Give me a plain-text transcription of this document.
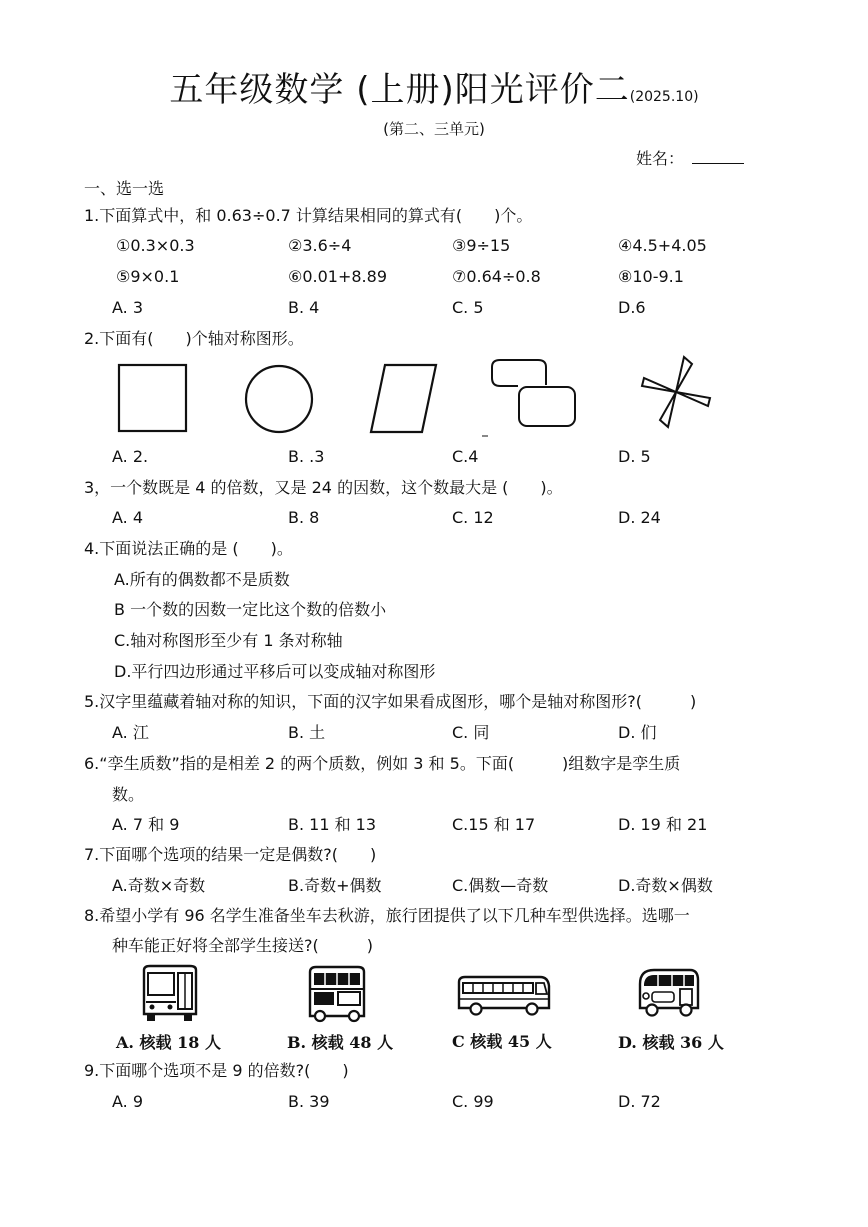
五年级数学 (上册)阳光评价二(2025.10)
(第二、三单元)
姓名：
一、选一选
1.下面算式中，和 0.63÷0.7 计算结果相同的算式有(　　)个。
①0.3×0.3	②3.6÷4	③9÷15	④4.5+4.05
⑤9×0.1	⑥0.01+8.89	⑦0.64÷0.8	⑧10-9.1
A. 3	B. 4	C. 5	D.6
2.下面有(　　)个轴对称图形。
A. 2.	B. .3	C.4	D. 5
3，一个数既是 4 的倍数，又是 24 的因数，这个数最大是 (　　)。
A. 4	B. 8	C. 12	D. 24
4.下面说法正确的是 (　　)。
A.所有的偶数都不是质数
B 一个数的因数一定比这个数的倍数小
C.轴对称图形至少有 1 条对称轴
D.平行四边形通过平移后可以变成轴对称图形
5.汉字里蕴藏着轴对称的知识，下面的汉字如果看成图形，哪个是轴对称图形?(　　　)
A. 江	B. 土	C. 同	D. 们
6.“孪生质数”指的是相差 2 的两个质数，例如 3 和 5。下面(　　　)组数字是孪生质
数。
A. 7 和 9	B. 11 和 13	C.15 和 17	D. 19 和 21
7.下面哪个选项的结果一定是偶数?(　　)
A.奇数×奇数	B.奇数+偶数	C.偶数—奇数	D.奇数×偶数
8.希望小学有 96 名学生准备坐车去秋游，旅行团提供了以下几种车型供选择。选哪一
种车能正好将全部学生接送?(　　　)
A. 核载 18 人	B. 核载 48 人	C 核载 45 人	D. 核载 36 人
9.下面哪个选项不是 9 的倍数?(　　)
A. 9	B. 39	C. 99	D. 72
